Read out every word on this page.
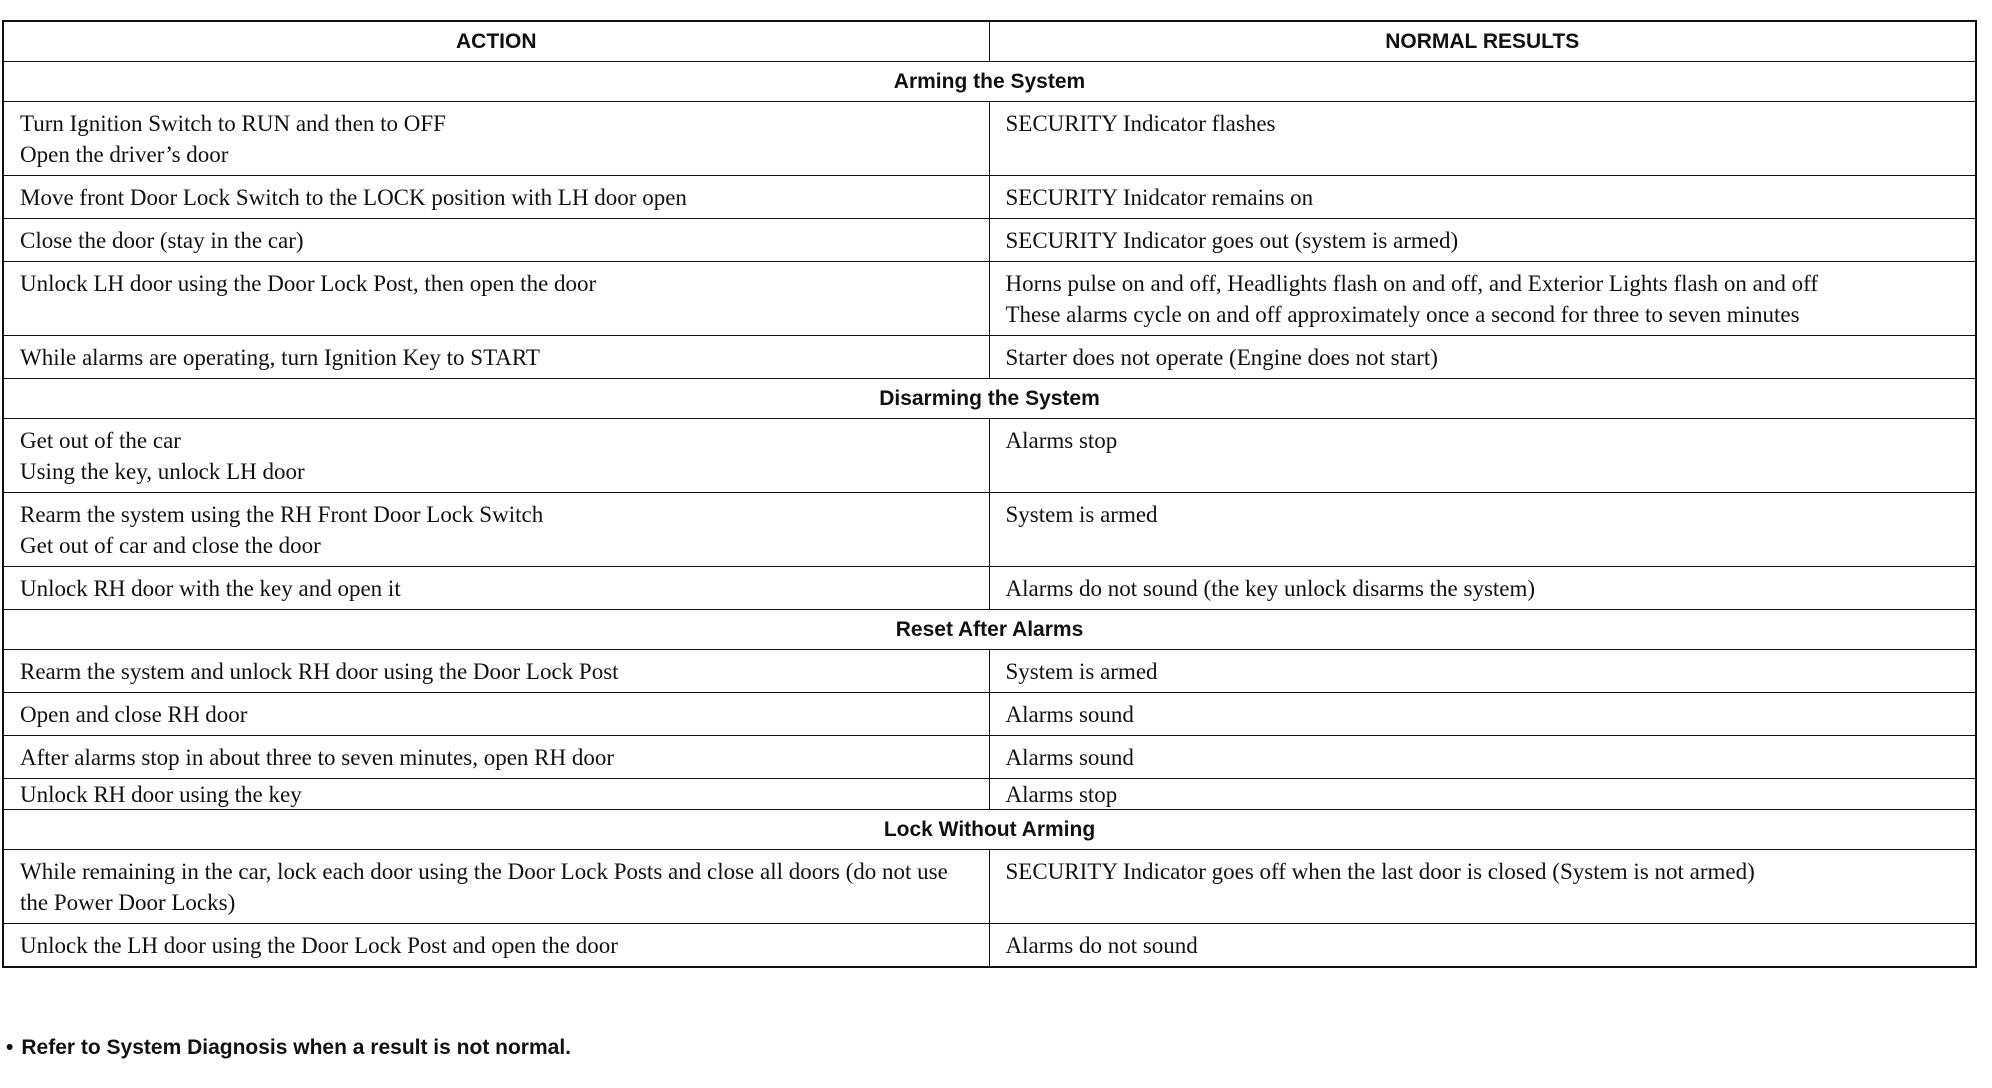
ACTION	NORMAL RESULTS
Arming the System	

Turn Ignition Switch to RUN and then to OFF
Open the driver’s door	SECURITY Indicator flashes

Move front Door Lock Switch to the LOCK position with LH door open	SECURITY Inidcator remains on

Close the door (stay in the car)	SECURITY Indicator goes out (system is armed)

Unlock LH door using the Door Lock Post, then open the door	Horns pulse on and off, Headlights flash on and off, and Exterior Lights flash on and off
These alarms cycle on and off approximately once a second for three to seven minutes

While alarms are operating, turn Ignition Key to START	Starter does not operate (Engine does not start)

Disarming the System	

Get out of the car
Using the key, unlock LH door	Alarms stop

Rearm the system using the RH Front Door Lock Switch
Get out of car and close the door	System is armed

Unlock RH door with the key and open it	Alarms do not sound (the key unlock disarms the system)

Reset After Alarms	

Rearm the system and unlock RH door using the Door Lock Post	System is armed

Open and close RH door	Alarms sound

After alarms stop in about three to seven minutes, open RH door	Alarms sound

Unlock RH door using the key	Alarms stop

Lock Without Arming	

While remaining in the car, lock each door using the Door Lock Posts and close all doors (do not use the Power Door Locks)	SECURITY Indicator goes off when the last door is closed (System is not armed)

Unlock the LH door using the Door Lock Post and open the door	Alarms do not sound
• Refer to System Diagnosis when a result is not normal.
